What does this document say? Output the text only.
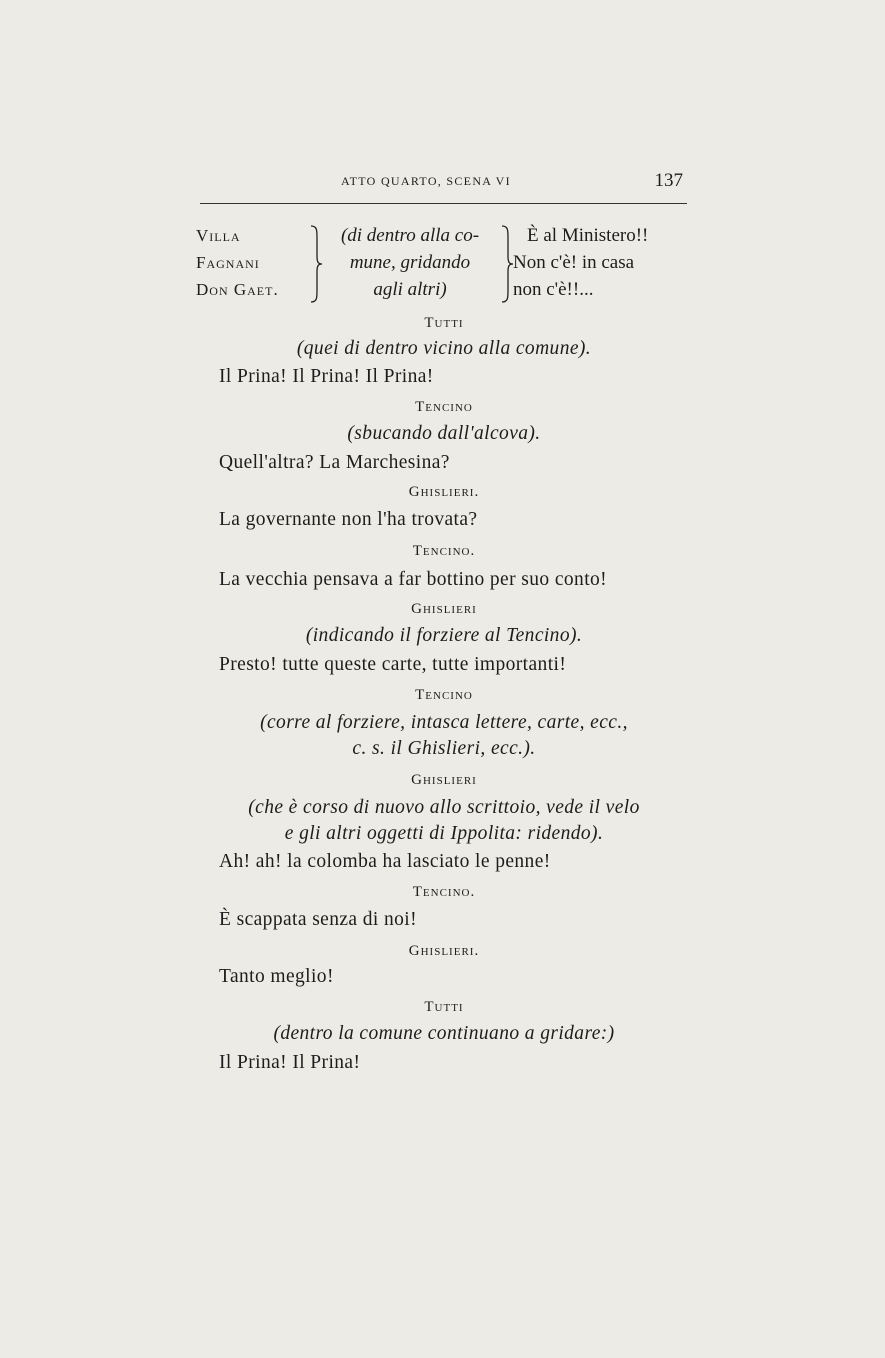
ATTO QUARTO, SCENA VI	137
Villa
Fagnani
Don Gaet.
(di dentro alla co-
mune, gridando
agli altri)
È al Ministero!!
Non c'è! in casa
non c'è!!...
Tutti
(quei di dentro vicino alla comune).
Il Prina! Il Prina! Il Prina!
Tencino
(sbucando dall'alcova).
Quell'altra? La Marchesina?
Ghislieri.
La governante non l'ha trovata?
Tencino.
La vecchia pensava a far bottino per suo conto!
Ghislieri
(indicando il forziere al Tencino).
Presto! tutte queste carte, tutte importanti!
Tencino
(corre al forziere, intasca lettere, carte, ecc.,
c. s. il Ghislieri, ecc.).
Ghislieri
(che è corso di nuovo allo scrittoio, vede il velo
e gli altri oggetti di Ippolita: ridendo).
Ah! ah! la colomba ha lasciato le penne!
Tencino.
È scappata senza di noi!
Ghislieri.
Tanto meglio!
Tutti
(dentro la comune continuano a gridare:)
Il Prina! Il Prina!
